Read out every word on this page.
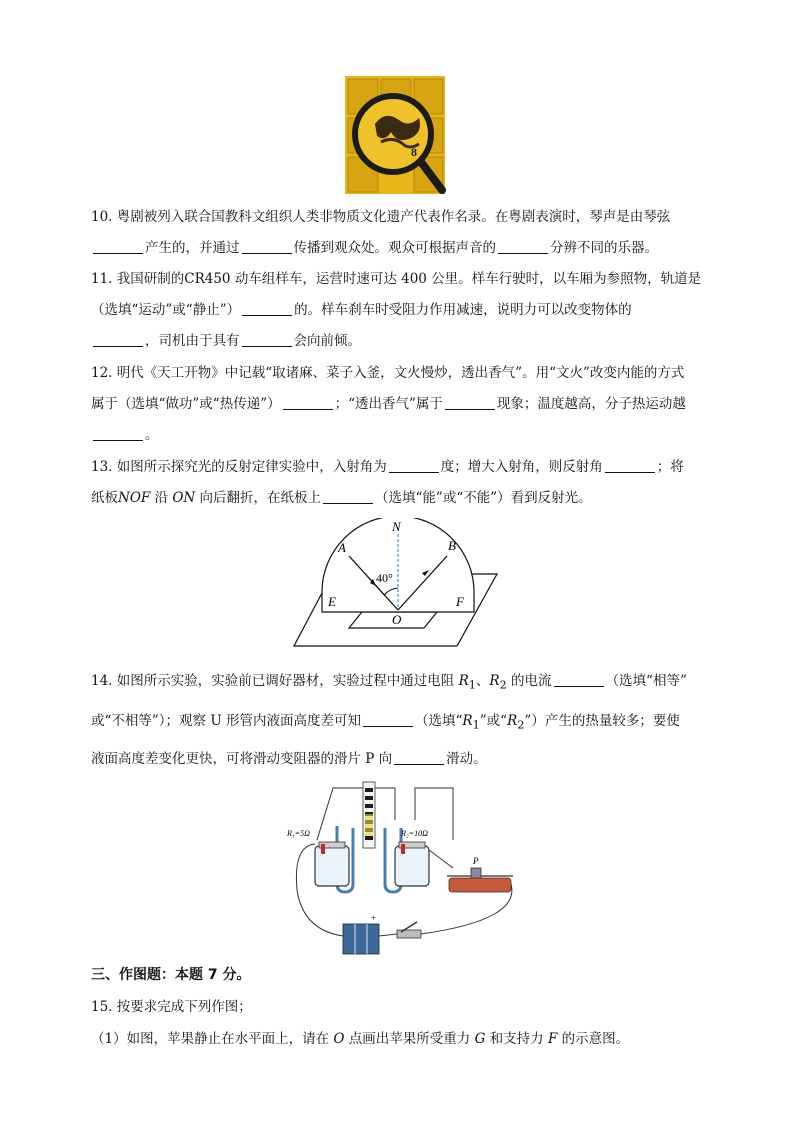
8
10. 粤剧被列入联合国教科文组织人类非物质文化遗产代表作名录。在粤剧表演时，琴声是由琴弦
产生的，并通过	传播到观众处。观众可根据声音的	分辨不同的乐器。
11. 我国研制的CR450 动车组样车，运营时速可达 400 公里。样车行驶时，以车厢为参照物，轨道是
（选填“运动”或“静止”）	的。样车刹车时受阻力作用减速，说明力可以改变物体的
，司机由于具有	会向前倾。
12. 明代《天工开物》中记载“取诸麻、菜子入釜，文火慢炒，透出香气”。用“文火”改变内能的方式
属于（选填“做功”或“热传递”）	；“透出香气”属于	现象；温度越高，分子热运动越
。
13. 如图所示探究光的反射定律实验中，入射角为	度；增大入射角，则反射角	；将
纸板NOF 沿 ON 向后翻折，在纸板上	（选填“能”或“不能”）看到反射光。
N
A	B
40°
E	F
O
14. 如图所示实验，实验前已调好器材，实验过程中通过电阻 $R_1$、$R_2$ 的电流	（选填“相等”
或“不相等”）；观察 U 形管内液面高度差可知	（选填“$R_1$”或“$R_2$”）产生的热量较多；要使
液面高度差变化更快，可将滑动变阻器的滑片 P 向	滑动。
R₁=5Ω	R₂=10Ω
P
+
三、作图题：本题 7 分。
15. 按要求完成下列作图；
（1）如图，苹果静止在水平面上，请在 O 点画出苹果所受重力 G 和支持力 F 的示意图。
